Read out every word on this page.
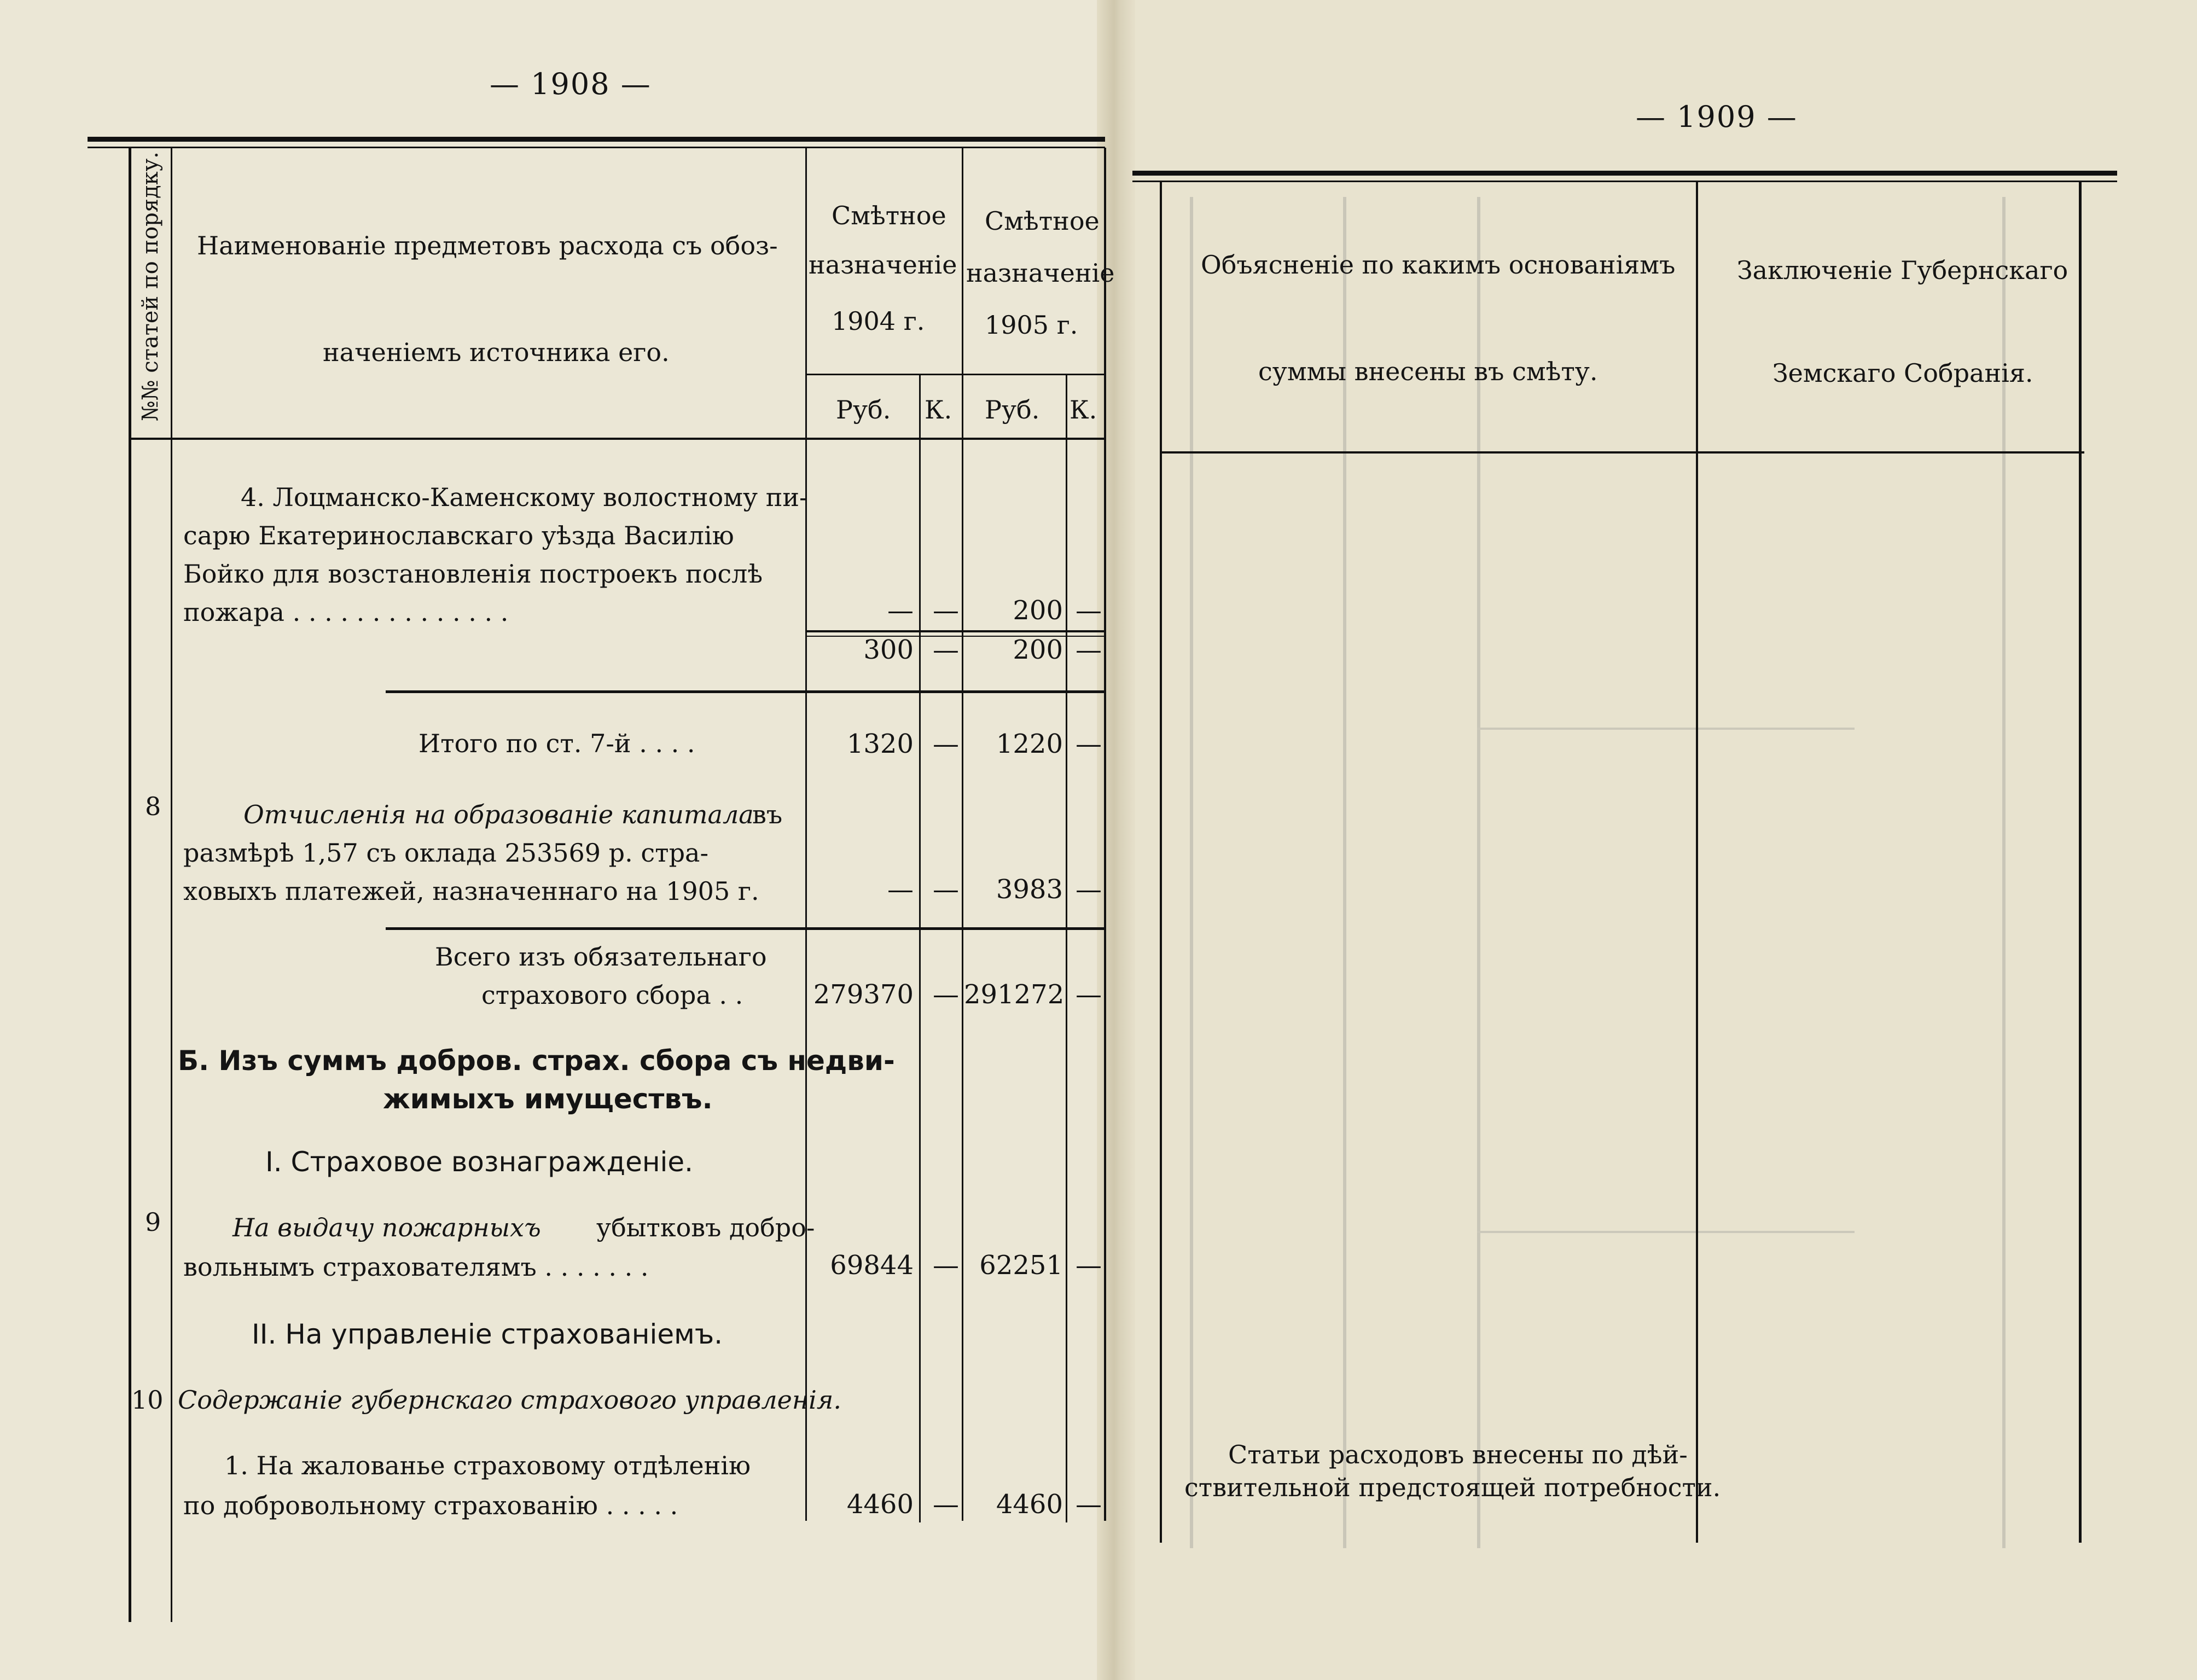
— 1908 —
№№ статей по порядку. Наименованіе предметовъ расхода съ обоз-
наченіемъ источника его.
Смѣтное
назначеніе
1904 г.
Смѣтное
назначеніе
1905 г.
Руб. К. Руб. К.
4. Лоцманско-Каменскому волостному пи-
сарю Екатеринославскаго уѣзда Василію
Бойко для возстановленія построекъ послѣ
пожара . . . . . . . . . . . . . .	— —	200 —
300 —	200 —
Итого по ст. 7-й . . . .	1320 —	1220 —
8	Отчисленія на образованіе капитала
въ
размѣрѣ 1,57 съ оклада 253569 р. стра-
ховыхъ платежей, назначеннаго на 1905 г.	— —	3983 —
Всего изъ обязательнаго
страхового сбора . .	279370 — 291272 —
Б. Изъ суммъ добров. страх. сбора съ недви-
жимыхъ имуществъ.
I. Страховое вознагражденіе.
9	На выдачу пожарныхъ убытковъ добро-
вольнымъ страхователямъ . . . . . . .	69844 — 62251 —
II. На управленіе страхованіемъ.
10 Содержаніе губернскаго страхового управленія.
1. На жалованье страховому отдѣленію
по добровольному страхованію . . . . .	4460 —	4460 —
— 1909 —
Объясненіе по какимъ основаніямъ
суммы внесены въ смѣту.
Заключеніе Губернскаго
Земскаго Собранія.
Статьи расходовъ внесены по дѣй-
ствительной предстоящей потребности.
